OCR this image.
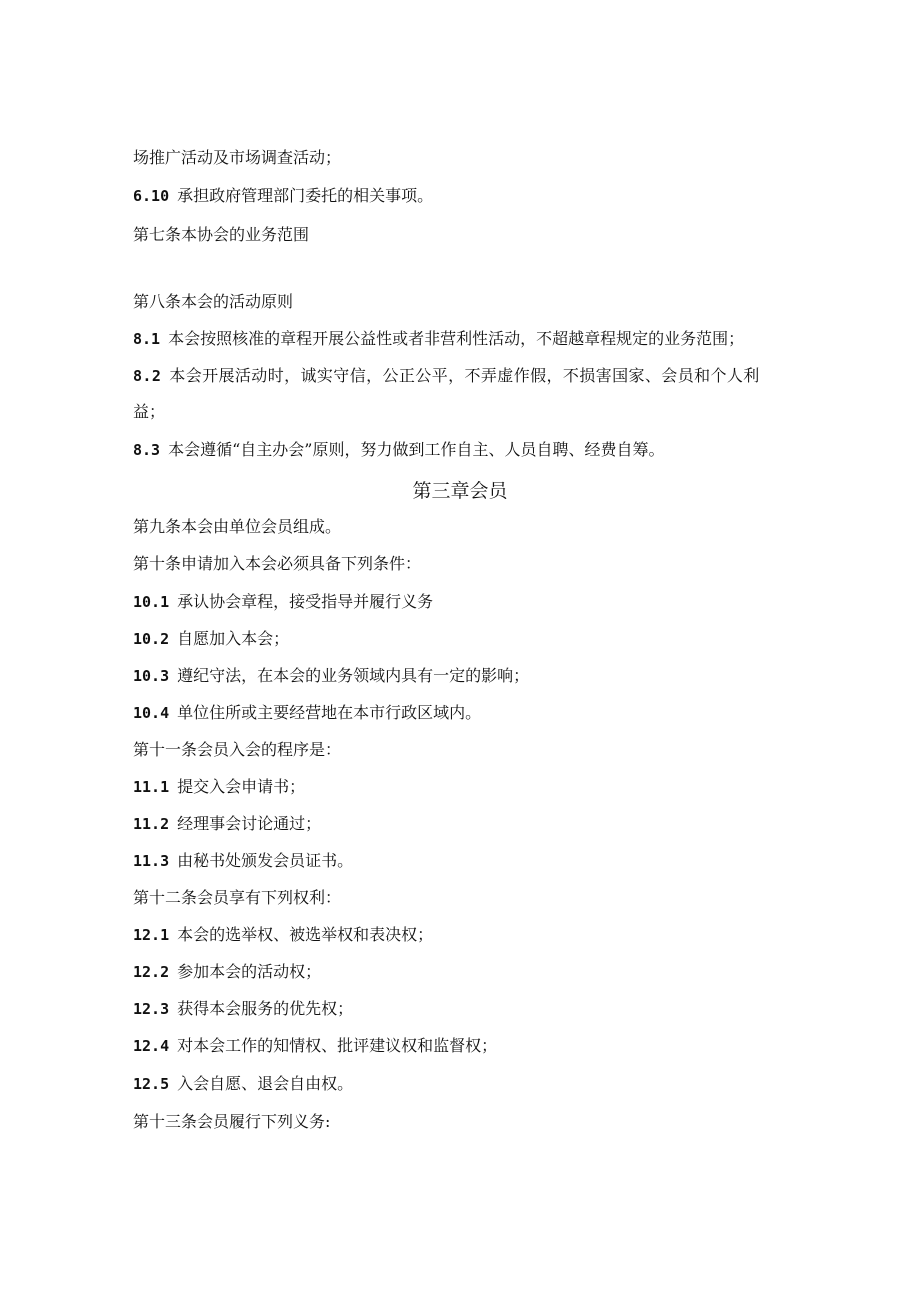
场推广活动及市场调查活动；
6.10 承担政府管理部门委托的相关事项。
第七条本协会的业务范围
第八条本会的活动原则
8.1 本会按照核准的章程开展公益性或者非营利性活动，不超越章程规定的业务范围；
8.2 本会开展活动时，诚实守信，公正公平，不弄虚作假，不损害国家、会员和个人利
益；
8.3 本会遵循“自主办会”原则，努力做到工作自主、人员自聘、经费自筹。
第三章会员
第九条本会由单位会员组成。
第十条申请加入本会必须具备下列条件：
10.1 承认协会章程，接受指导并履行义务
10.2 自愿加入本会；
10.3 遵纪守法，在本会的业务领域内具有一定的影响；
10.4 单位住所或主要经营地在本市行政区域内。
第十一条会员入会的程序是：
11.1 提交入会申请书；
11.2 经理事会讨论通过；
11.3 由秘书处颁发会员证书。
第十二条会员享有下列权利：
12.1 本会的选举权、被选举权和表决权；
12.2 参加本会的活动权；
12.3 获得本会服务的优先权；
12.4 对本会工作的知情权、批评建议权和监督权；
12.5 入会自愿、退会自由权。
第十三条会员履行下列义务:
